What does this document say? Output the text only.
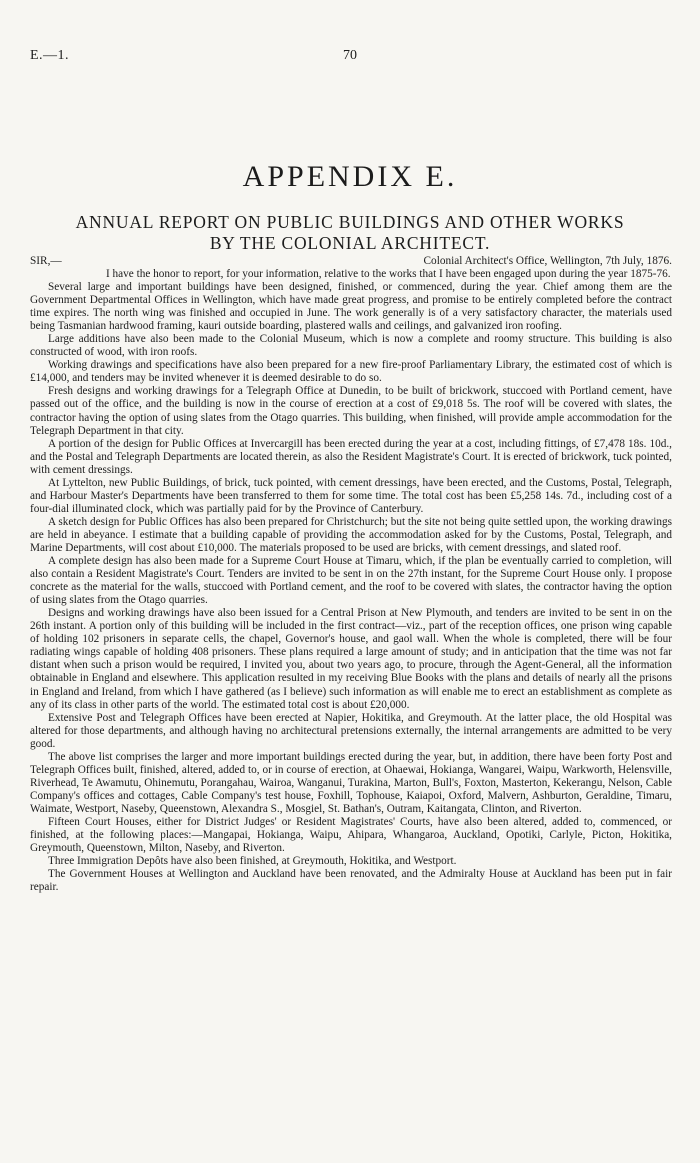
E.—1.	70
APPENDIX E.
ANNUAL REPORT ON PUBLIC BUILDINGS AND OTHER WORKS
BY THE COLONIAL ARCHITECT.
SIR,—	Colonial Architect's Office, Wellington, 7th July, 1876.

I have the honor to report, for your information, relative to the works that I have been engaged upon during the year 1875-76.

Several large and important buildings have been designed, finished, or commenced, during the year. Chief among them are the Government Departmental Offices in Wellington, which have made great progress, and promise to be entirely completed before the contract time expires. The north wing was finished and occupied in June. The work generally is of a very satisfactory character, the materials used being Tasmanian hardwood framing, kauri outside boarding, plastered walls and ceilings, and galvanized iron roofing.

Large additions have also been made to the Colonial Museum, which is now a complete and roomy structure. This building is also constructed of wood, with iron roofs.

Working drawings and specifications have also been prepared for a new fire-proof Parliamentary Library, the estimated cost of which is £14,000, and tenders may be invited whenever it is deemed desirable to do so.

Fresh designs and working drawings for a Telegraph Office at Dunedin, to be built of brickwork, stuccoed with Portland cement, have passed out of the office, and the building is now in the course of erection at a cost of £9,018 5s. The roof will be covered with slates, the contractor having the option of using slates from the Otago quarries. This building, when finished, will provide ample accommodation for the Telegraph Department in that city.

A portion of the design for Public Offices at Invercargill has been erected during the year at a cost, including fittings, of £7,478 18s. 10d., and the Postal and Telegraph Departments are located therein, as also the Resident Magistrate's Court. It is erected of brickwork, tuck pointed, with cement dressings.

At Lyttelton, new Public Buildings, of brick, tuck pointed, with cement dressings, have been erected, and the Customs, Postal, Telegraph, and Harbour Master's Departments have been transferred to them for some time. The total cost has been £5,258 14s. 7d., including cost of a four-dial illuminated clock, which was partially paid for by the Province of Canterbury.

A sketch design for Public Offices has also been prepared for Christchurch; but the site not being quite settled upon, the working drawings are held in abeyance. I estimate that a building capable of providing the accommodation asked for by the Customs, Postal, Telegraph, and Marine Departments, will cost about £10,000. The materials proposed to be used are bricks, with cement dressings, and slated roof.

A complete design has also been made for a Supreme Court House at Timaru, which, if the plan be eventually carried to completion, will also contain a Resident Magistrate's Court. Tenders are invited to be sent in on the 27th instant, for the Supreme Court House only. I propose concrete as the material for the walls, stuccoed with Portland cement, and the roof to be covered with slates, the contractor having the option of using slates from the Otago quarries.

Designs and working drawings have also been issued for a Central Prison at New Plymouth, and tenders are invited to be sent in on the 26th instant. A portion only of this building will be included in the first contract—viz., part of the reception offices, one prison wing capable of holding 102 prisoners in separate cells, the chapel, Governor's house, and gaol wall. When the whole is completed, there will be four radiating wings capable of holding 408 prisoners. These plans required a large amount of study; and in anticipation that the time was not far distant when such a prison would be required, I invited you, about two years ago, to procure, through the Agent-General, all the information obtainable in England and elsewhere. This application resulted in my receiving Blue Books with the plans and details of nearly all the prisons in England and Ireland, from which I have gathered (as I believe) such information as will enable me to erect an establishment as complete as any of its class in other parts of the world. The estimated total cost is about £20,000.

Extensive Post and Telegraph Offices have been erected at Napier, Hokitika, and Greymouth. At the latter place, the old Hospital was altered for those departments, and although having no architectural pretensions externally, the internal arrangements are admitted to be very good.

The above list comprises the larger and more important buildings erected during the year, but, in addition, there have been forty Post and Telegraph Offices built, finished, altered, added to, or in course of erection, at Ohaewai, Hokianga, Wangarei, Waipu, Warkworth, Helensville, Riverhead, Te Awamutu, Ohinemutu, Porangahau, Wairoa, Wanganui, Turakina, Marton, Bull's, Foxton, Masterton, Kekerangu, Nelson, Cable Company's offices and cottages, Cable Company's test house, Foxhill, Tophouse, Kaiapoi, Oxford, Malvern, Ashburton, Geraldine, Timaru, Waimate, Westport, Naseby, Queenstown, Alexandra S., Mosgiel, St. Bathan's, Outram, Kaitangata, Clinton, and Riverton.

Fifteen Court Houses, either for District Judges' or Resident Magistrates' Courts, have also been altered, added to, commenced, or finished, at the following places:—Mangapai, Hokianga, Waipu, Ahipara, Whangaroa, Auckland, Opotiki, Carlyle, Picton, Hokitika, Greymouth, Queenstown, Milton, Naseby, and Riverton.

Three Immigration Depôts have also been finished, at Greymouth, Hokitika, and Westport.

The Government Houses at Wellington and Auckland have been renovated, and the Admiralty House at Auckland has been put in fair repair.
